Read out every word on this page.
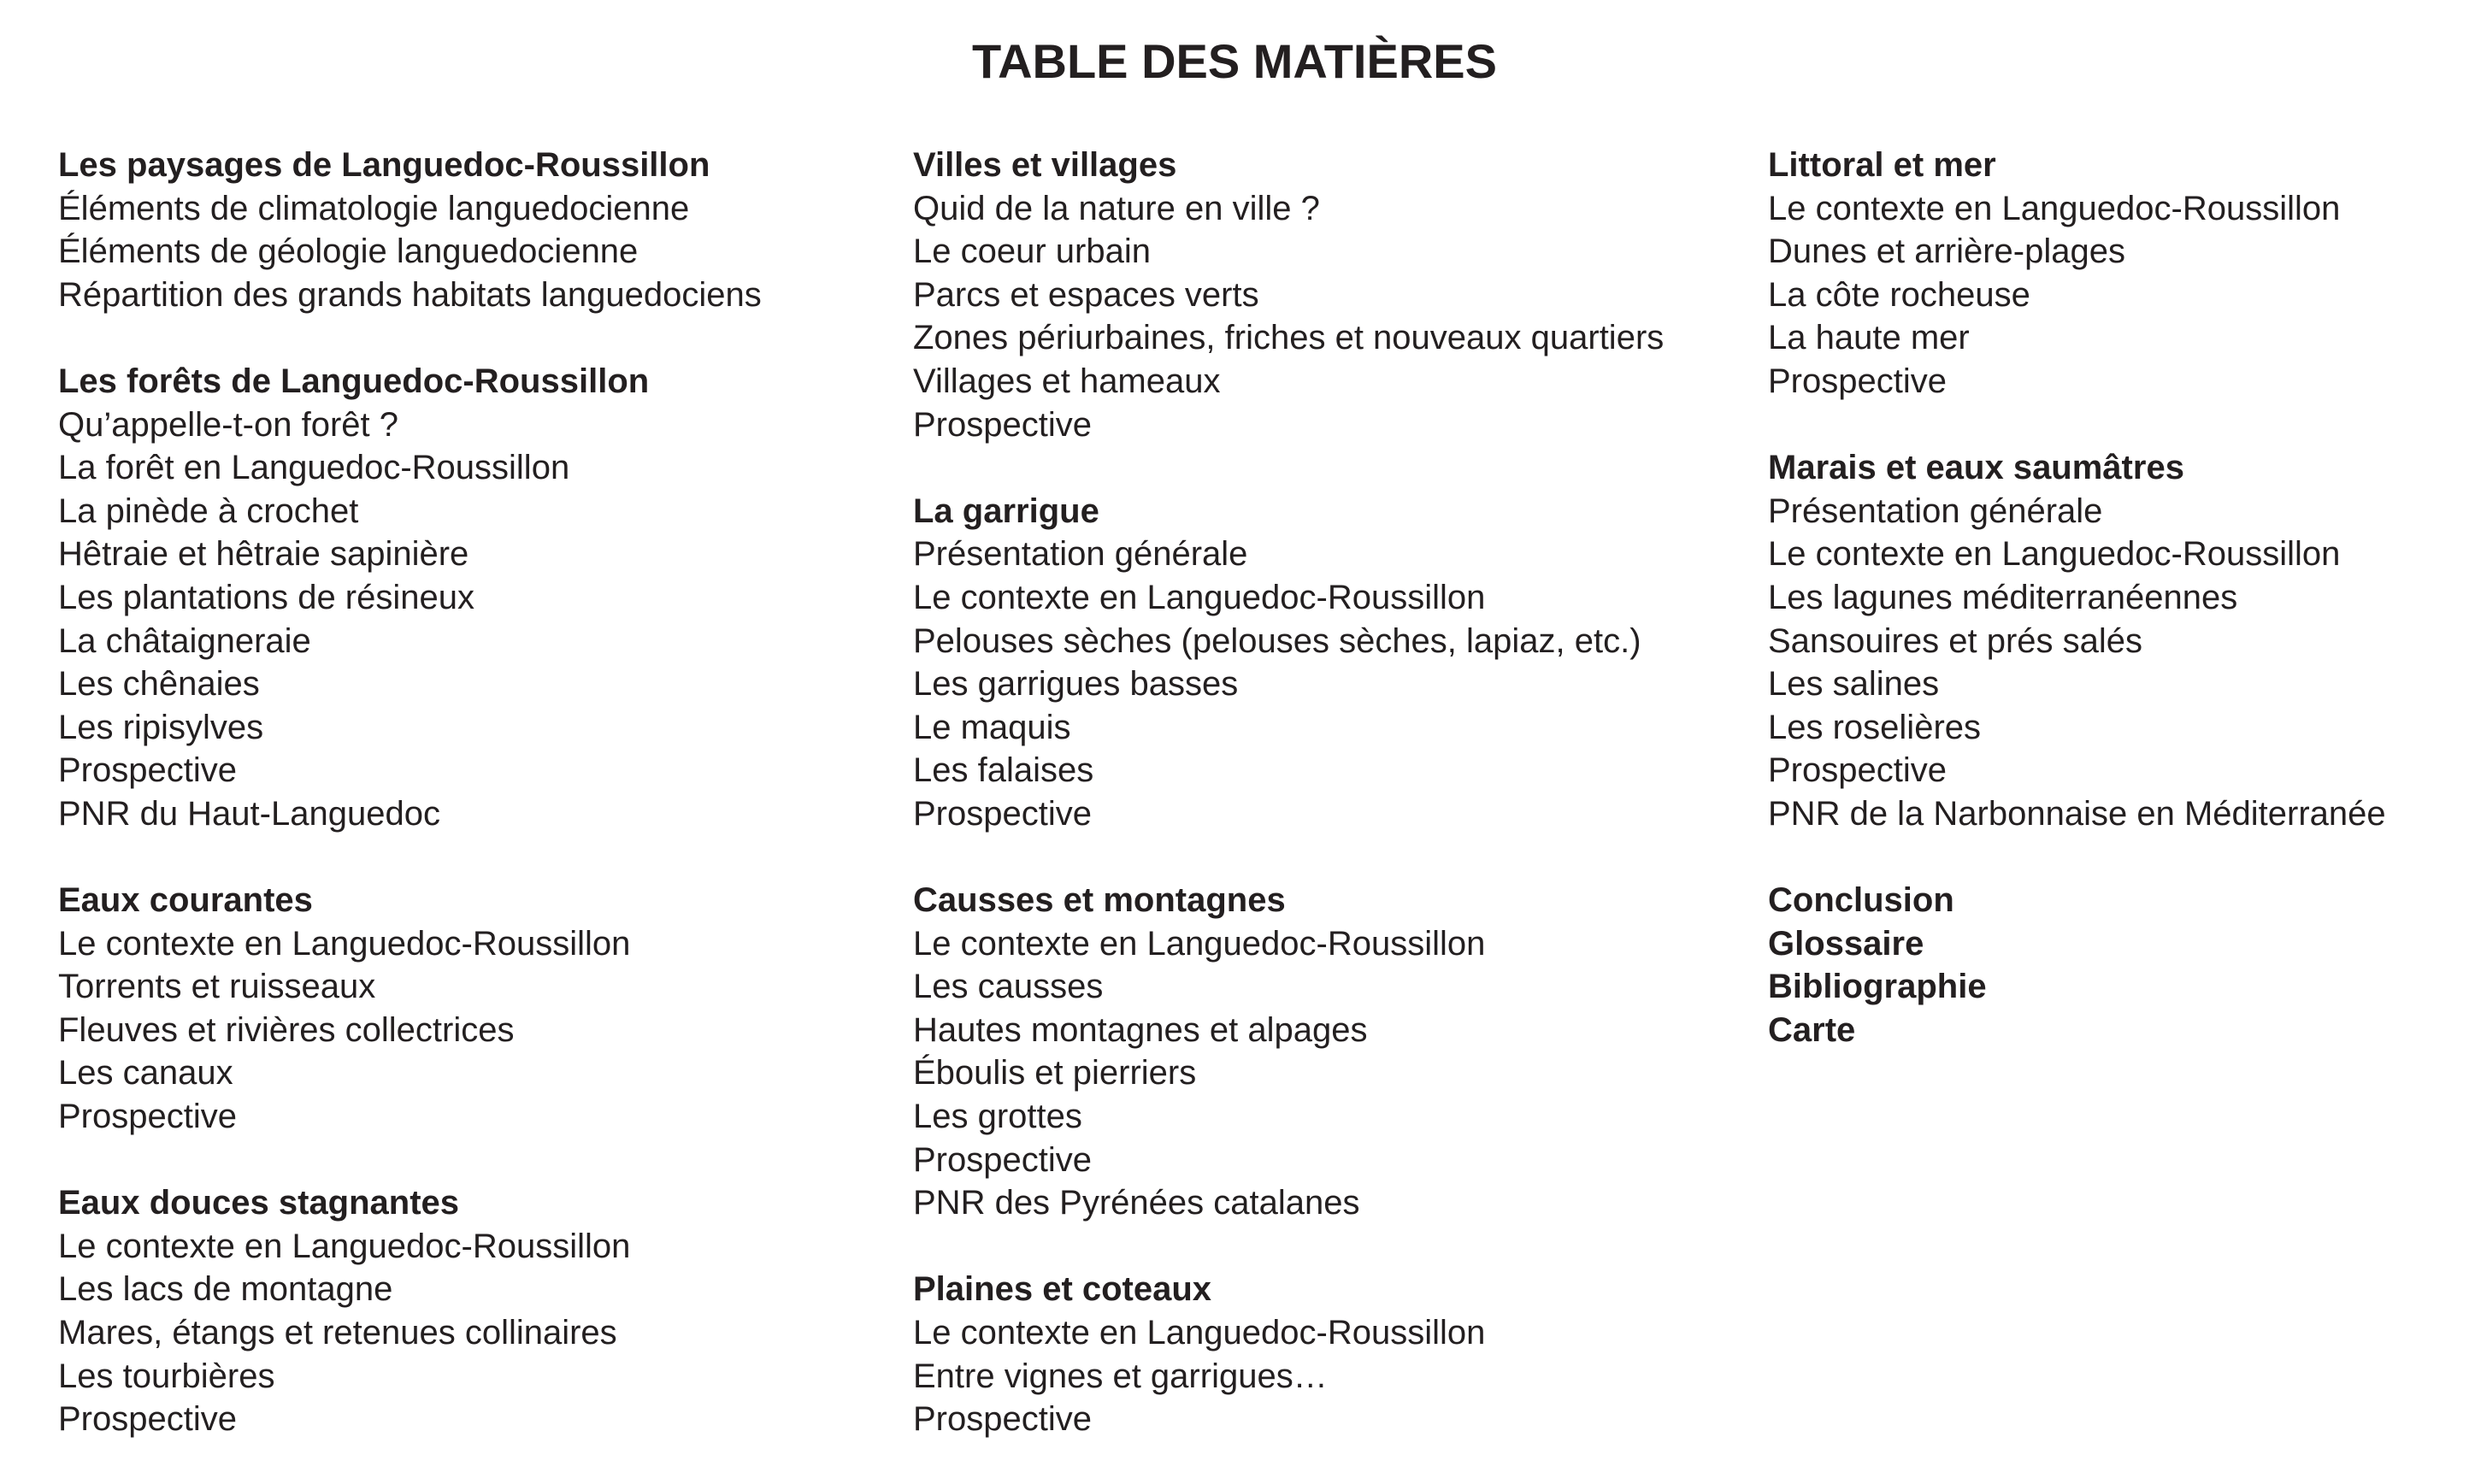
TABLE DES MATIÈRES
Les paysages de Languedoc-Roussillon
Éléments de climatologie languedocienne
Éléments de géologie languedocienne
Répartition des grands habitats languedociens
Les forêts de Languedoc-Roussillon
Qu’appelle-t-on forêt ?
La forêt en Languedoc-Roussillon
La pinède à crochet
Hêtraie et hêtraie sapinière
Les plantations de résineux
La châtaigneraie
Les chênaies
Les ripisylves
Prospective
PNR du Haut-Languedoc
Eaux courantes
Le contexte en Languedoc-Roussillon
Torrents et ruisseaux
Fleuves et rivières collectrices
Les canaux
Prospective
Eaux douces stagnantes
Le contexte en Languedoc-Roussillon
Les lacs de montagne
Mares, étangs et retenues collinaires
Les tourbières
Prospective
Villes et villages
Quid de la nature en ville ?
Le coeur urbain
Parcs et espaces verts
Zones périurbaines, friches et nouveaux quartiers
Villages et hameaux
Prospective
La garrigue
Présentation générale
Le contexte en Languedoc-Roussillon
Pelouses sèches (pelouses sèches, lapiaz, etc.)
Les garrigues basses
Le maquis
Les falaises
Prospective
Causses et montagnes
Le contexte en Languedoc-Roussillon
Les causses
Hautes montagnes et alpages
Éboulis et pierriers
Les grottes
Prospective
PNR des Pyrénées catalanes
Plaines et coteaux
Le contexte en Languedoc-Roussillon
Entre vignes et garrigues…
Prospective
Littoral et mer
Le contexte en Languedoc-Roussillon
Dunes et arrière-plages
La côte rocheuse
La haute mer
Prospective
Marais et eaux saumâtres
Présentation générale
Le contexte en Languedoc-Roussillon
Les lagunes méditerranéennes
Sansouires et prés salés
Les salines
Les roselières
Prospective
PNR de la Narbonnaise en Méditerranée
Conclusion
Glossaire
Bibliographie
Carte
